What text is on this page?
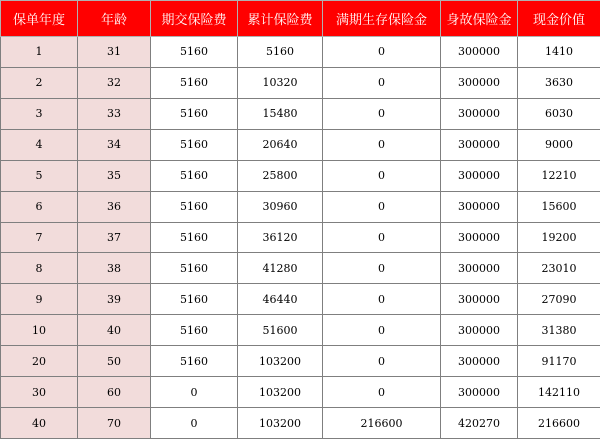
保单年度	年龄	期交保险费	累计保险费	满期生存保险金	身故保险金	现金价值
1	31	5160	5160	0	300000	1410
2	32	5160	10320	0	300000	3630
3	33	5160	15480	0	300000	6030
4	34	5160	20640	0	300000	9000
5	35	5160	25800	0	300000	12210
6	36	5160	30960	0	300000	15600
7	37	5160	36120	0	300000	19200
8	38	5160	41280	0	300000	23010
9	39	5160	46440	0	300000	27090
10	40	5160	51600	0	300000	31380
20	50	5160	103200	0	300000	91170
30	60	0	103200	0	300000	142110
40	70	0	103200	216600	420270	216600
